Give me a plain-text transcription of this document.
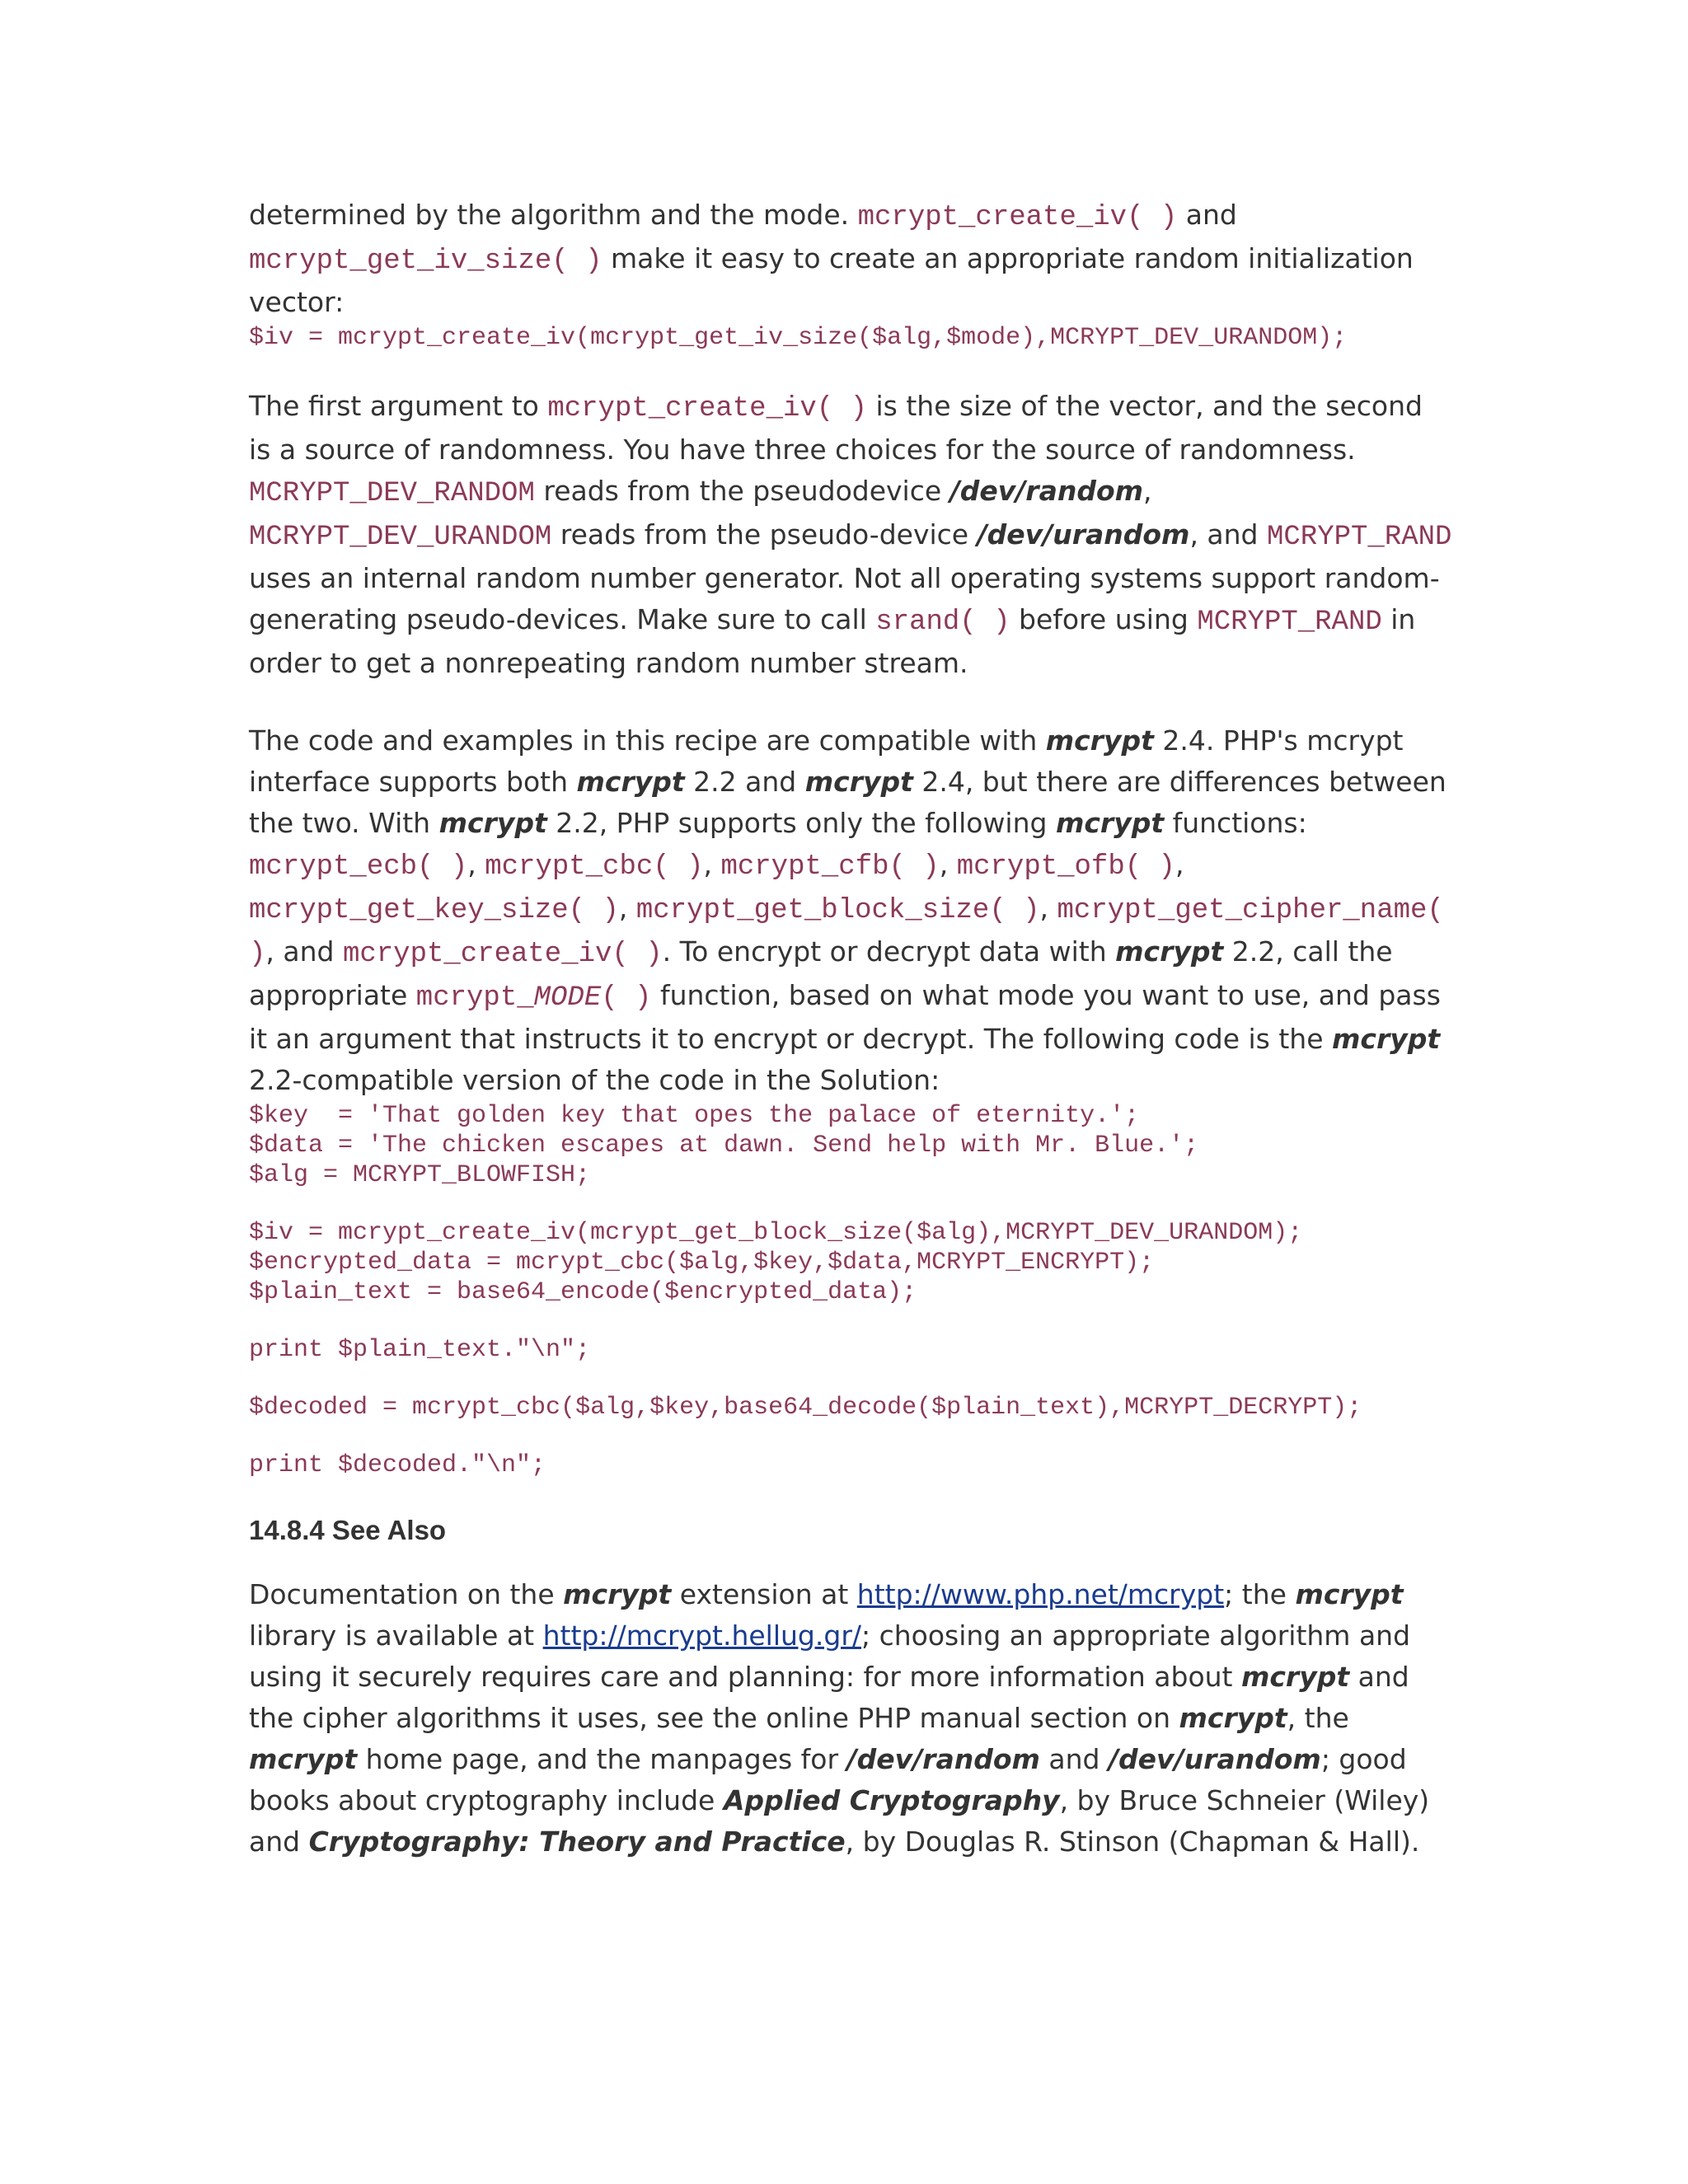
determined by the algorithm and the mode. mcrypt_create_iv( ) and
mcrypt_get_iv_size( ) make it easy to create an appropriate random initialization vector:

$iv = mcrypt_create_iv(mcrypt_get_iv_size($alg,$mode),MCRYPT_DEV_URANDOM);

The first argument to mcrypt_create_iv( ) is the size of the vector, and the second is a source of randomness. You have three choices for the source of randomness. MCRYPT_DEV_RANDOM reads from the pseudodevice /dev/random, MCRYPT_DEV_URANDOM reads from the pseudo-device /dev/urandom, and MCRYPT_RAND uses an internal random number generator. Not all operating systems support random-generating pseudo-devices. Make sure to call srand( ) before using MCRYPT_RAND in order to get a nonrepeating random number stream.

The code and examples in this recipe are compatible with mcrypt 2.4. PHP's mcrypt interface supports both mcrypt 2.2 and mcrypt 2.4, but there are differences between the two. With mcrypt 2.2, PHP supports only the following mcrypt functions: mcrypt_ecb( ), mcrypt_cbc( ), mcrypt_cfb( ), mcrypt_ofb( ), mcrypt_get_key_size( ), mcrypt_get_block_size( ), mcrypt_get_cipher_name( ), and mcrypt_create_iv( ). To encrypt or decrypt data with mcrypt 2.2, call the appropriate mcrypt_MODE( ) function, based on what mode you want to use, and pass it an argument that instructs it to encrypt or decrypt. The following code is the mcrypt 2.2-compatible version of the code in the Solution:

$key  = 'That golden key that opes the palace of eternity.';
$data = 'The chicken escapes at dawn. Send help with Mr. Blue.';
$alg = MCRYPT_BLOWFISH;
$iv = mcrypt_create_iv(mcrypt_get_block_size($alg),MCRYPT_DEV_URANDOM);
$encrypted_data = mcrypt_cbc($alg,$key,$data,MCRYPT_ENCRYPT);
$plain_text = base64_encode($encrypted_data);
print $plain_text."\n";
$decoded = mcrypt_cbc($alg,$key,base64_decode($plain_text),MCRYPT_DECRYPT);
print $decoded."\n";
14.8.4 See Also

Documentation on the mcrypt extension at http://www.php.net/mcrypt; the mcrypt library is available at http://mcrypt.hellug.gr/; choosing an appropriate algorithm and using it securely requires care and planning: for more information about mcrypt and the cipher algorithms it uses, see the online PHP manual section on mcrypt, the mcrypt home page, and the manpages for /dev/random and /dev/urandom; good books about cryptography include Applied Cryptography, by Bruce Schneier (Wiley) and Cryptography: Theory and Practice, by Douglas R. Stinson (Chapman & Hall).
